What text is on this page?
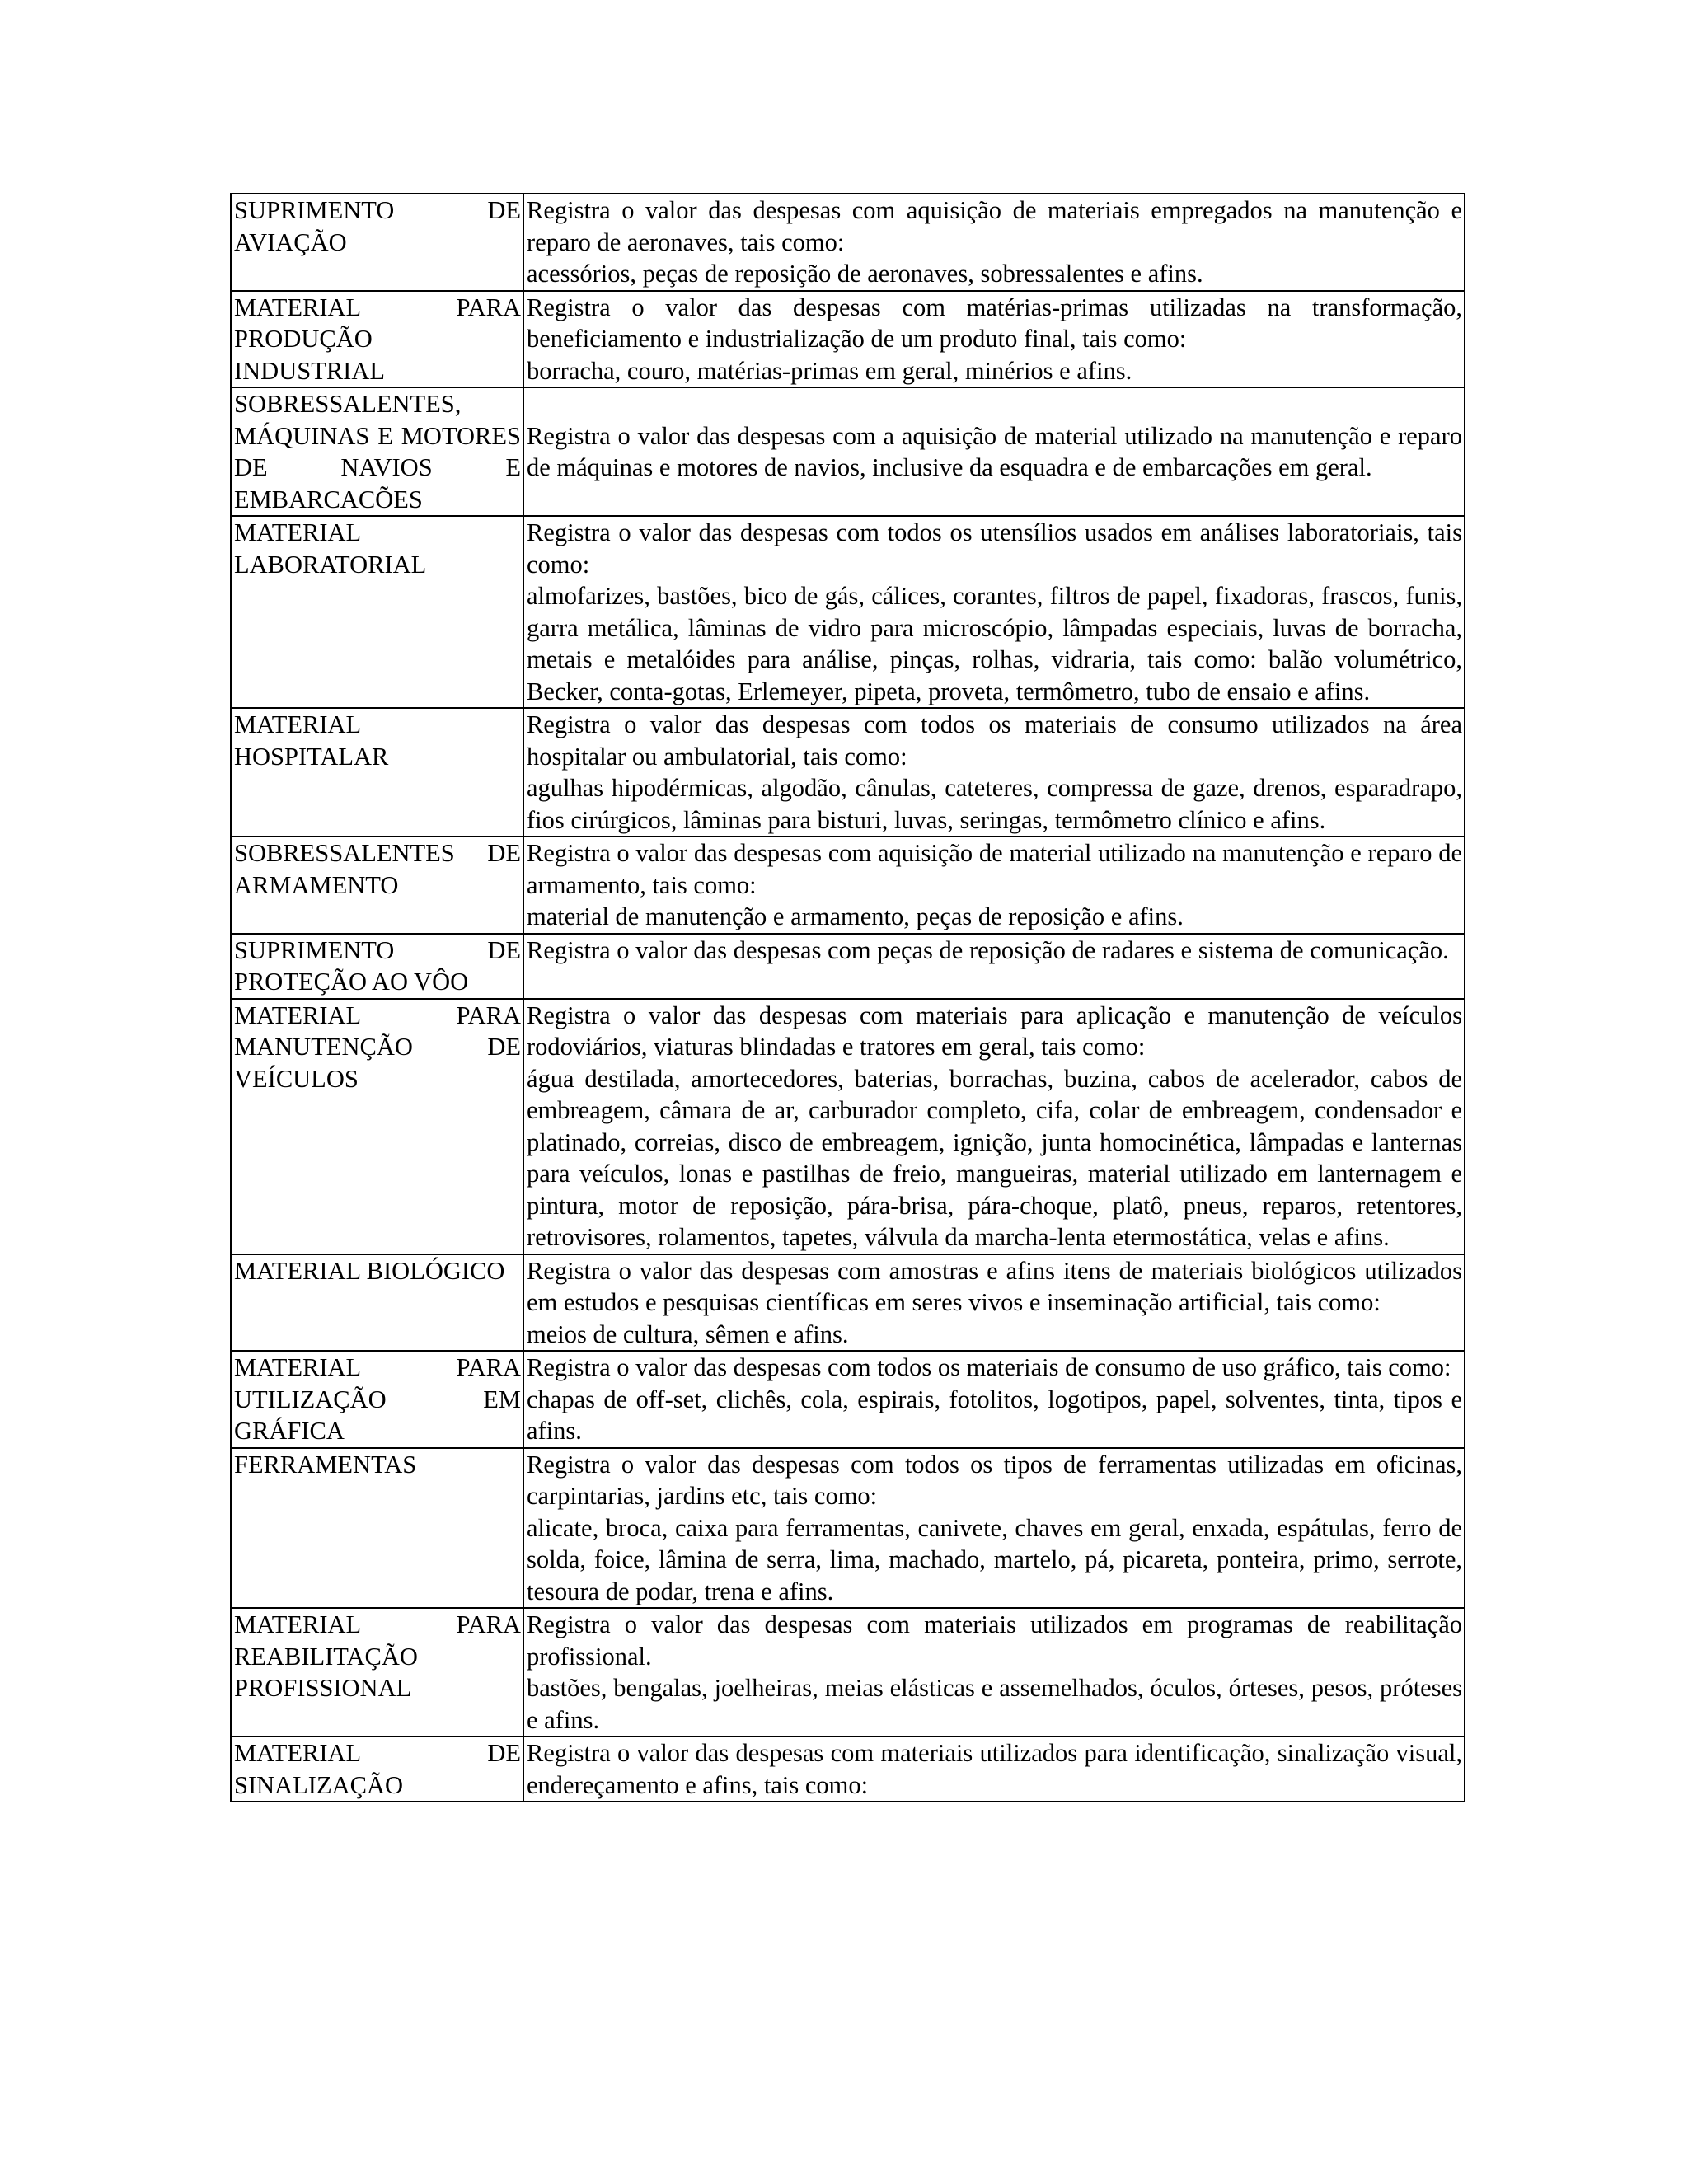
SUPRIMENTO DE AVIAÇÃO	Registra o valor das despesas com aquisição de materiais empregados na manutenção e reparo de aeronaves, tais como:
acessórios, peças de reposição de aeronaves, sobressalentes e afins.

MATERIAL PARA PRODUÇÃO INDUSTRIAL	Registra o valor das despesas com matérias-primas utilizadas na transformação, beneficiamento e industrialização de um produto final, tais como:
borracha, couro, matérias-primas em geral, minérios e afins.

SOBRESSALENTES, MÁQUINAS E MOTORES DE NAVIOS E EMBARCACÕES	Registra o valor das despesas com a aquisição de material utilizado na manutenção e reparo de máquinas e motores de navios, inclusive da esquadra e de embarcações em geral.

MATERIAL LABORATORIAL	Registra o valor das despesas com todos os utensílios usados em análises laboratoriais, tais como:
almofarizes, bastões, bico de gás, cálices, corantes, filtros de papel, fixadoras, frascos, funis, garra metálica, lâminas de vidro para microscópio, lâmpadas especiais, luvas de borracha, metais e metalóides para análise, pinças, rolhas, vidraria, tais como: balão volumétrico, Becker, conta-gotas, Erlemeyer, pipeta, proveta, termômetro, tubo de ensaio e afins.

MATERIAL HOSPITALAR	Registra o valor das despesas com todos os materiais de consumo utilizados na área hospitalar ou ambulatorial, tais como:
agulhas hipodérmicas, algodão, cânulas, cateteres, compressa de gaze, drenos, esparadrapo, fios cirúrgicos, lâminas para bisturi, luvas, seringas, termômetro clínico e afins.

SOBRESSALENTES DE ARMAMENTO	Registra o valor das despesas com aquisição de material utilizado na manutenção e reparo de armamento, tais como:
material de manutenção e armamento, peças de reposição e afins.

SUPRIMENTO DE PROTEÇÃO AO VÔO	Registra o valor das despesas com peças de reposição de radares e sistema de comunicação.

MATERIAL PARA MANUTENÇÃO DE VEÍCULOS	Registra o valor das despesas com materiais para aplicação e manutenção de veículos rodoviários, viaturas blindadas e tratores em geral, tais como:
água destilada, amortecedores, baterias, borrachas, buzina, cabos de acelerador, cabos de embreagem, câmara de ar, carburador completo, cifa, colar de embreagem, condensador e platinado, correias, disco de embreagem, ignição, junta homocinética, lâmpadas e lanternas para veículos, lonas e pastilhas de freio, mangueiras, material utilizado em lanternagem e pintura, motor de reposição, pára-brisa, pára-choque, platô, pneus, reparos, retentores, retrovisores, rolamentos, tapetes, válvula da marcha-lenta etermostática, velas e afins.

MATERIAL BIOLÓGICO	Registra o valor das despesas com amostras e afins itens de materiais biológicos utilizados em estudos e pesquisas científicas em seres vivos e inseminação artificial, tais como:
meios de cultura, sêmen e afins.

MATERIAL PARA UTILIZAÇÃO EM GRÁFICA	Registra o valor das despesas com todos os materiais de consumo de uso gráfico, tais como:
chapas de off-set, clichês, cola, espirais, fotolitos, logotipos, papel, solventes, tinta, tipos e afins.

FERRAMENTAS	Registra o valor das despesas com todos os tipos de ferramentas utilizadas em oficinas, carpintarias, jardins etc, tais como:
alicate, broca, caixa para ferramentas, canivete, chaves em geral, enxada, espátulas, ferro de solda, foice, lâmina de serra, lima, machado, martelo, pá, picareta, ponteira, primo, serrote, tesoura de podar, trena e afins.

MATERIAL PARA REABILITAÇÃO PROFISSIONAL	Registra o valor das despesas com materiais utilizados em programas de reabilitação profissional.
bastões, bengalas, joelheiras, meias elásticas e assemelhados, óculos, órteses, pesos, próteses e afins.

MATERIAL DE SINALIZAÇÃO	Registra o valor das despesas com materiais utilizados para identificação, sinalização visual, endereçamento e afins, tais como:
